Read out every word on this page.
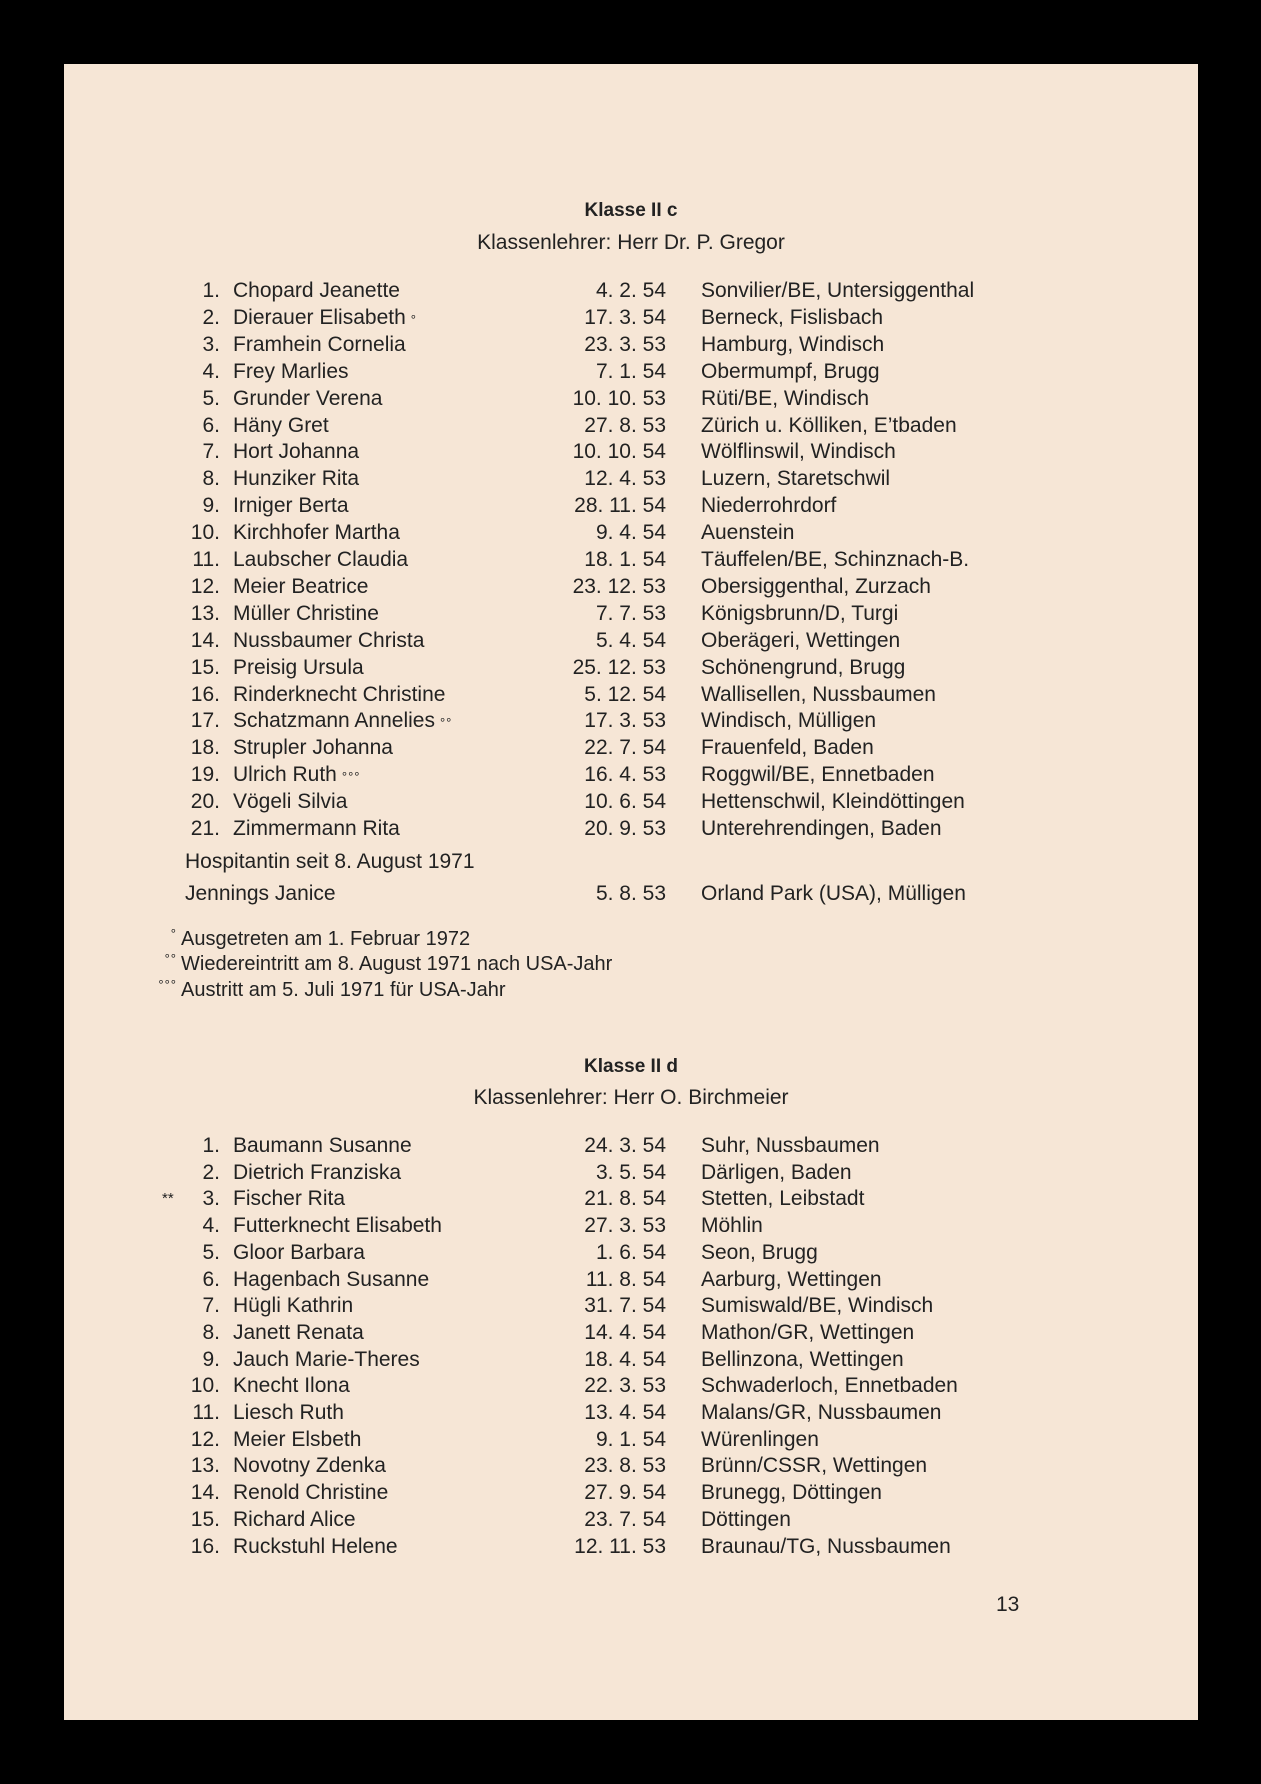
Klasse II c
Klassenlehrer: Herr Dr. P. Gregor
1. Chopard Jeanette	4. 2. 54 Sonvilier/BE, Untersiggenthal
2. Dierauer Elisabeth °	17. 3. 54 Berneck, Fislisbach
3. Framhein Cornelia	23. 3. 53 Hamburg, Windisch
4. Frey Marlies	7. 1. 54 Obermumpf, Brugg
5. Grunder Verena	10. 10. 53 Rüti/BE, Windisch
6. Häny Gret	27. 8. 53 Zürich u. Kölliken, E’tbaden
7. Hort Johanna	10. 10. 54 Wölflinswil, Windisch
8. Hunziker Rita	12. 4. 53 Luzern, Staretschwil
9. Irniger Berta	28. 11. 54 Niederrohrdorf
10. Kirchhofer Martha	9. 4. 54 Auenstein
11. Laubscher Claudia	18. 1. 54 Täuffelen/BE, Schinznach-B.
12. Meier Beatrice	23. 12. 53 Obersiggenthal, Zurzach
13. Müller Christine	7. 7. 53 Königsbrunn/D, Turgi
14. Nussbaumer Christa	5. 4. 54 Oberägeri, Wettingen
15. Preisig Ursula	25. 12. 53 Schönengrund, Brugg
16. Rinderknecht Christine	5. 12. 54 Wallisellen, Nussbaumen
17. Schatzmann Annelies °°	17. 3. 53 Windisch, Mülligen
18. Strupler Johanna	22. 7. 54 Frauenfeld, Baden
19. Ulrich Ruth °°°	16. 4. 53 Roggwil/BE, Ennetbaden
20. Vögeli Silvia	10. 6. 54 Hettenschwil, Kleindöttingen
21. Zimmermann Rita	20. 9. 53 Unterehrendingen, Baden
Hospitantin seit 8. August 1971
Jennings Janice	5. 8. 53 Orland Park (USA), Mülligen
° Ausgetreten am 1. Februar 1972
°° Wiedereintritt am 8. August 1971 nach USA-Jahr
°°° Austritt am 5. Juli 1971 für USA-Jahr
Klasse II d
Klassenlehrer: Herr O. Birchmeier
1. Baumann Susanne	24. 3. 54 Suhr, Nussbaumen
2. Dietrich Franziska	3. 5. 54 Därligen, Baden
**	3. Fischer Rita	21. 8. 54 Stetten, Leibstadt
4. Futterknecht Elisabeth	27. 3. 53 Möhlin
5. Gloor Barbara	1. 6. 54 Seon, Brugg
6. Hagenbach Susanne	11. 8. 54 Aarburg, Wettingen
7. Hügli Kathrin	31. 7. 54 Sumiswald/BE, Windisch
8. Janett Renata	14. 4. 54 Mathon/GR, Wettingen
9. Jauch Marie-Theres	18. 4. 54 Bellinzona, Wettingen
10. Knecht Ilona	22. 3. 53 Schwaderloch, Ennetbaden
11. Liesch Ruth	13. 4. 54 Malans/GR, Nussbaumen
12. Meier Elsbeth	9. 1. 54 Würenlingen
13. Novotny Zdenka	23. 8. 53 Brünn/CSSR, Wettingen
14. Renold Christine	27. 9. 54 Brunegg, Döttingen
15. Richard Alice	23. 7. 54 Döttingen
16. Ruckstuhl Helene	12. 11. 53 Braunau/TG, Nussbaumen
13
